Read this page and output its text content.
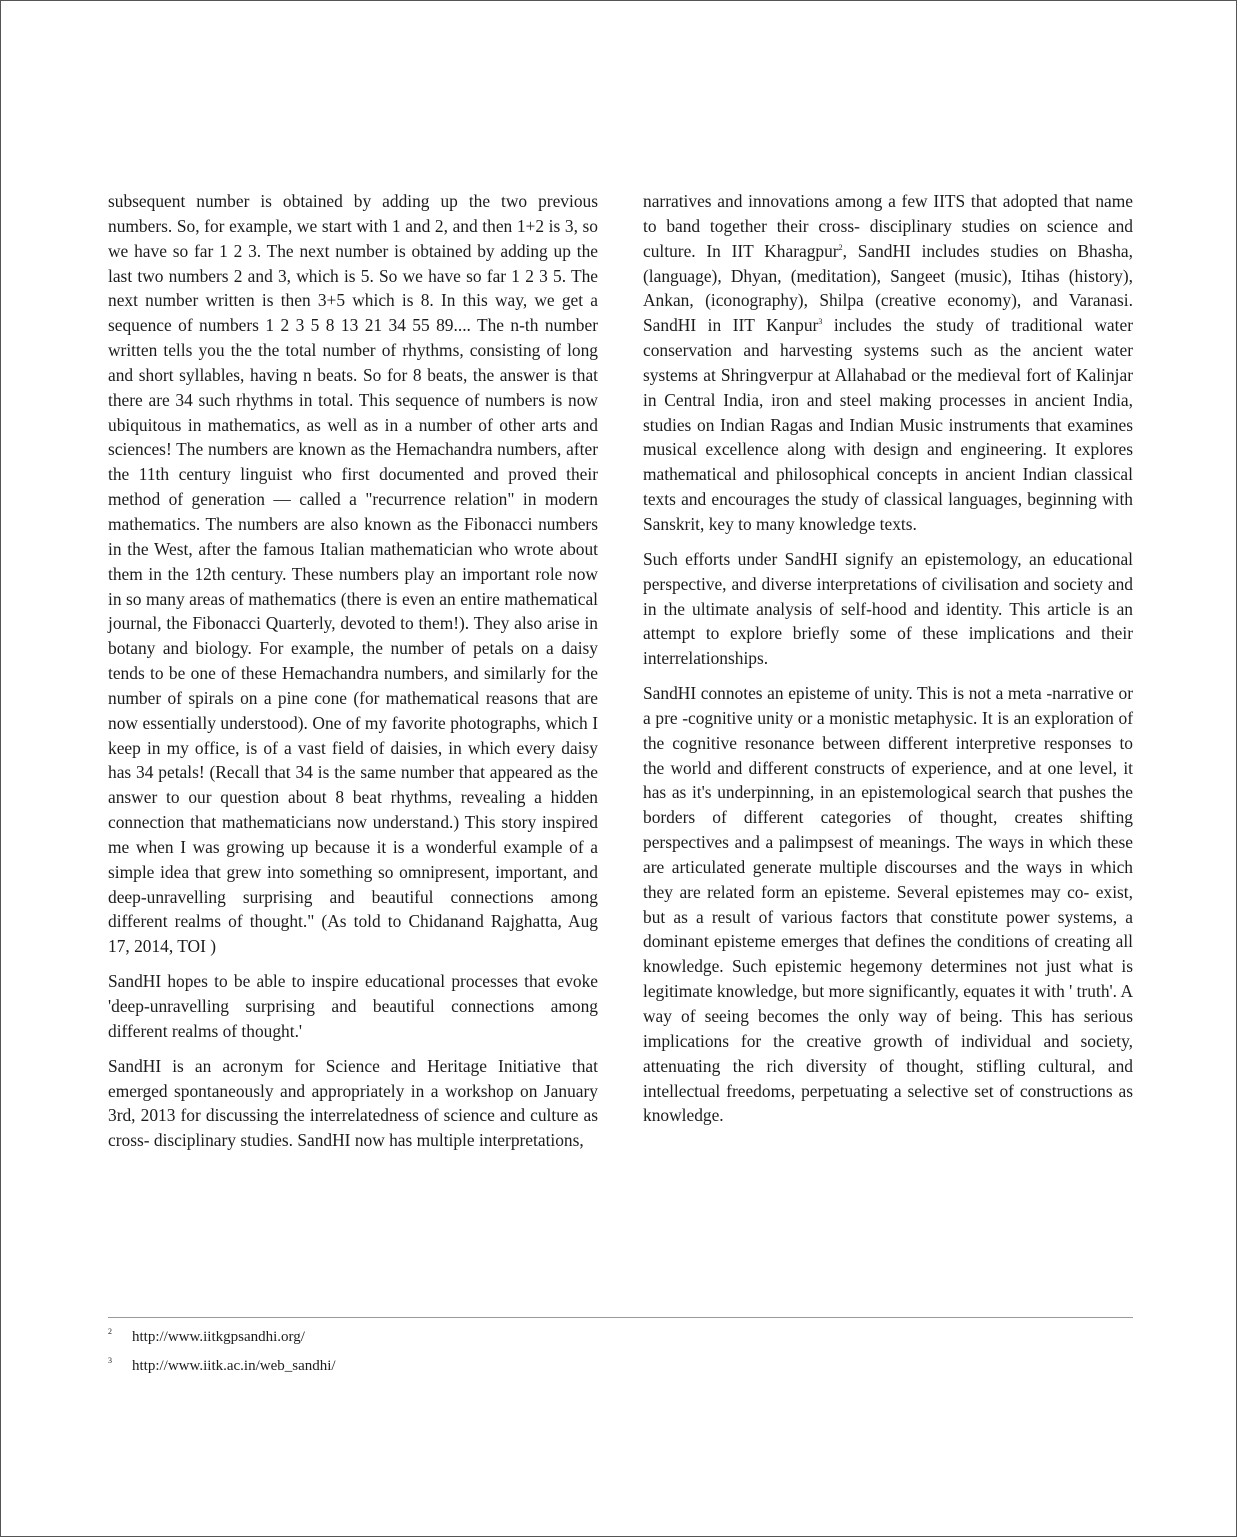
subsequent number is obtained by adding up the two previous numbers. So, for example, we start with 1 and 2, and then 1+2 is 3, so we have so far 1 2 3. The next number is obtained by adding up the last two numbers 2 and 3, which is 5. So we have so far 1 2 3 5. The next number written is then 3+5 which is 8. In this way, we get a sequence of numbers 1 2 3 5 8 13 21 34 55 89.... The n-th number written tells you the the total number of rhythms, consisting of long and short syllables, having n beats. So for 8 beats, the answer is that there are 34 such rhythms in total. This sequence of numbers is now ubiquitous in mathematics, as well as in a number of other arts and sciences! The numbers are known as the Hemachandra numbers, after the 11th century linguist who first documented and proved their method of generation — called a "recurrence relation" in modern mathematics. The numbers are also known as the Fibonacci numbers in the West, after the famous Italian mathematician who wrote about them in the 12th century. These numbers play an important role now in so many areas of mathematics (there is even an entire mathematical journal, the Fibonacci Quarterly, devoted to them!). They also arise in botany and biology. For example, the number of petals on a daisy tends to be one of these Hemachandra numbers, and similarly for the number of spirals on a pine cone (for mathematical reasons that are now essentially understood). One of my favorite photographs, which I keep in my office, is of a vast field of daisies, in which every daisy has 34 petals! (Recall that 34 is the same number that appeared as the answer to our question about 8 beat rhythms, revealing a hidden connection that mathematicians now understand.) This story inspired me when I was growing up because it is a wonderful example of a simple idea that grew into something so omnipresent, important, and deep-unravelling surprising and beautiful connections among different realms of thought." (As told to Chidanand Rajghatta, Aug 17, 2014, TOI )

SandHI hopes to be able to inspire educational processes that evoke 'deep-unravelling surprising and beautiful connections among different realms of thought.'

SandHI is an acronym for Science and Heritage Initiative that emerged spontaneously and appropriately in a workshop on January 3rd, 2013 for discussing the interrelatedness of science and culture as cross- disciplinary studies. SandHI now has multiple interpretations,

narratives and innovations among a few IITS that adopted that name to band together their cross- disciplinary studies on science and culture. In IIT Kharagpur$^2$, SandHI includes studies on Bhasha, (language), Dhyan, (meditation), Sangeet (music), Itihas (history), Ankan, (iconography), Shilpa (creative economy), and Varanasi. SandHI in IIT Kanpur$^3$ includes the study of traditional water conservation and harvesting systems such as the ancient water systems at Shringverpur at Allahabad or the medieval fort of Kalinjar in Central India, iron and steel making processes in ancient India, studies on Indian Ragas and Indian Music instruments that examines musical excellence along with design and engineering. It explores mathematical and philosophical concepts in ancient Indian classical texts and encourages the study of classical languages, beginning with Sanskrit, key to many knowledge texts.

Such efforts under SandHI signify an epistemology, an educational perspective, and diverse interpretations of civilisation and society and in the ultimate analysis of self-hood and identity. This article is an attempt to explore briefly some of these implications and their interrelationships.

SandHI connotes an episteme of unity. This is not a meta -narrative or a pre -cognitive unity or a monistic metaphysic. It is an exploration of the cognitive resonance between different interpretive responses to the world and different constructs of experience, and at one level, it has as it's underpinning, in an epistemological search that pushes the borders of different categories of thought, creates shifting perspectives and a palimpsest of meanings. The ways in which these are articulated generate multiple discourses and the ways in which they are related form an episteme. Several epistemes may co- exist, but as a result of various factors that constitute power systems, a dominant episteme emerges that defines the conditions of creating all knowledge. Such epistemic hegemony determines not just what is legitimate knowledge, but more significantly, equates it with ' truth'. A way of seeing becomes the only way of being. This has serious implications for the creative growth of individual and society, attenuating the rich diversity of thought, stifling cultural, and intellectual freedoms, perpetuating a selective set of constructions as knowledge.

2 http://www.iitkgpsandhi.org/
3 http://www.iitk.ac.in/web_sandhi/
